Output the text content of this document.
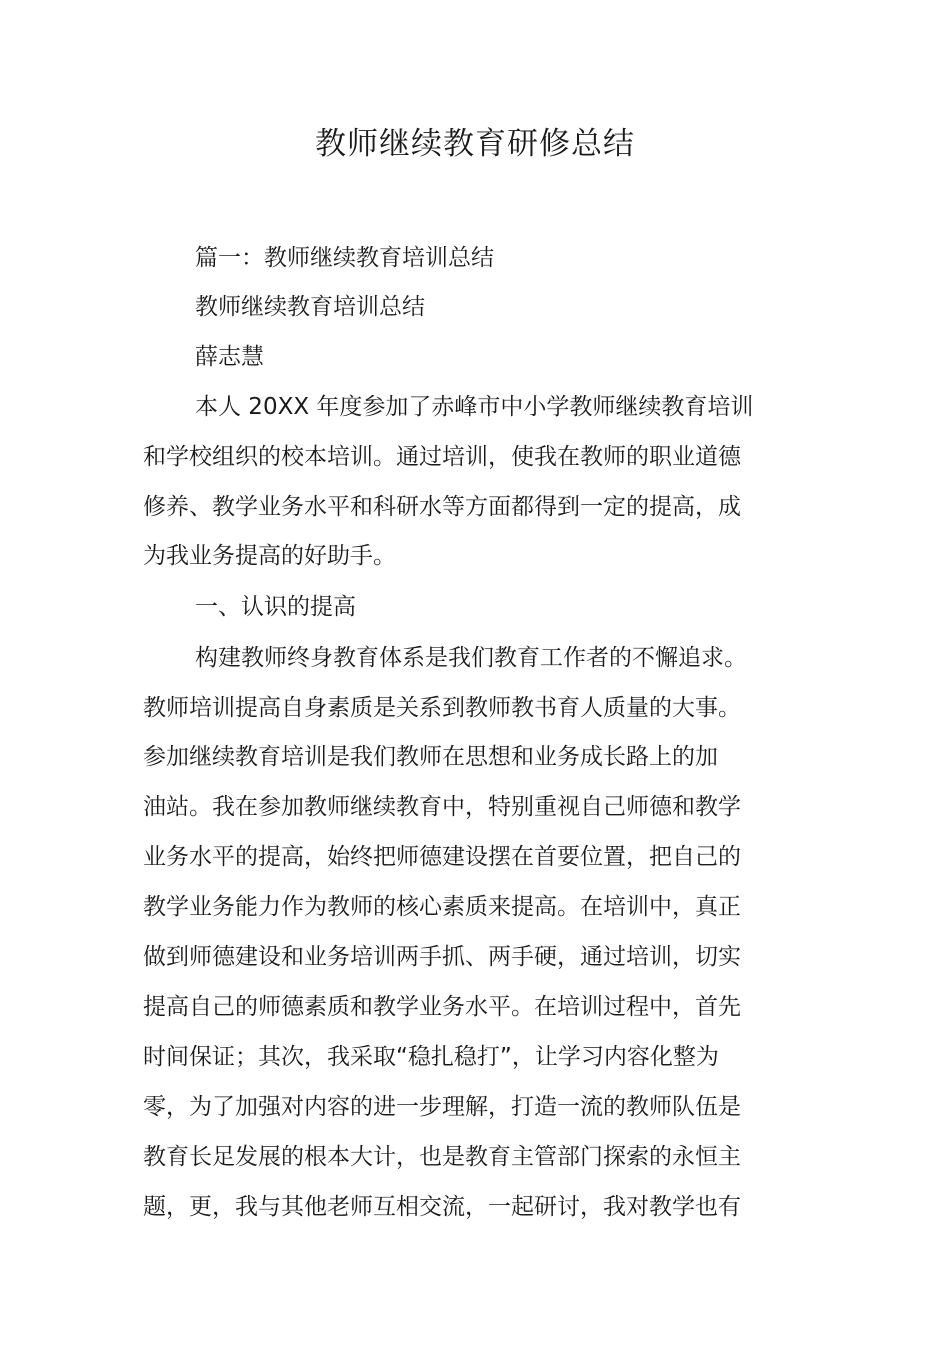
教师继续教育研修总结
篇一：教师继续教育培训总结
教师继续教育培训总结
薛志慧
本人 20XX 年度参加了赤峰市中小学教师继续教育培训
和学校组织的校本培训。通过培训，使我在教师的职业道德
修养、教学业务水平和科研水等方面都得到一定的提高，成
为我业务提高的好助手。
一、认识的提高
构建教师终身教育体系是我们教育工作者的不懈追求。
教师培训提高自身素质是关系到教师教书育人质量的大事。
参加继续教育培训是我们教师在思想和业务成长路上的加
油站。我在参加教师继续教育中，特别重视自己师德和教学
业务水平的提高，始终把师德建设摆在首要位置，把自己的
教学业务能力作为教师的核心素质来提高。在培训中，真正
做到师德建设和业务培训两手抓、两手硬，通过培训，切实
提高自己的师德素质和教学业务水平。在培训过程中，首先
时间保证；其次，我采取“稳扎稳打”，让学习内容化整为
零，为了加强对内容的进一步理解，打造一流的教师队伍是
教育长足发展的根本大计，也是教育主管部门探索的永恒主
题，更，我与其他老师互相交流，一起研讨，我对教学也有
